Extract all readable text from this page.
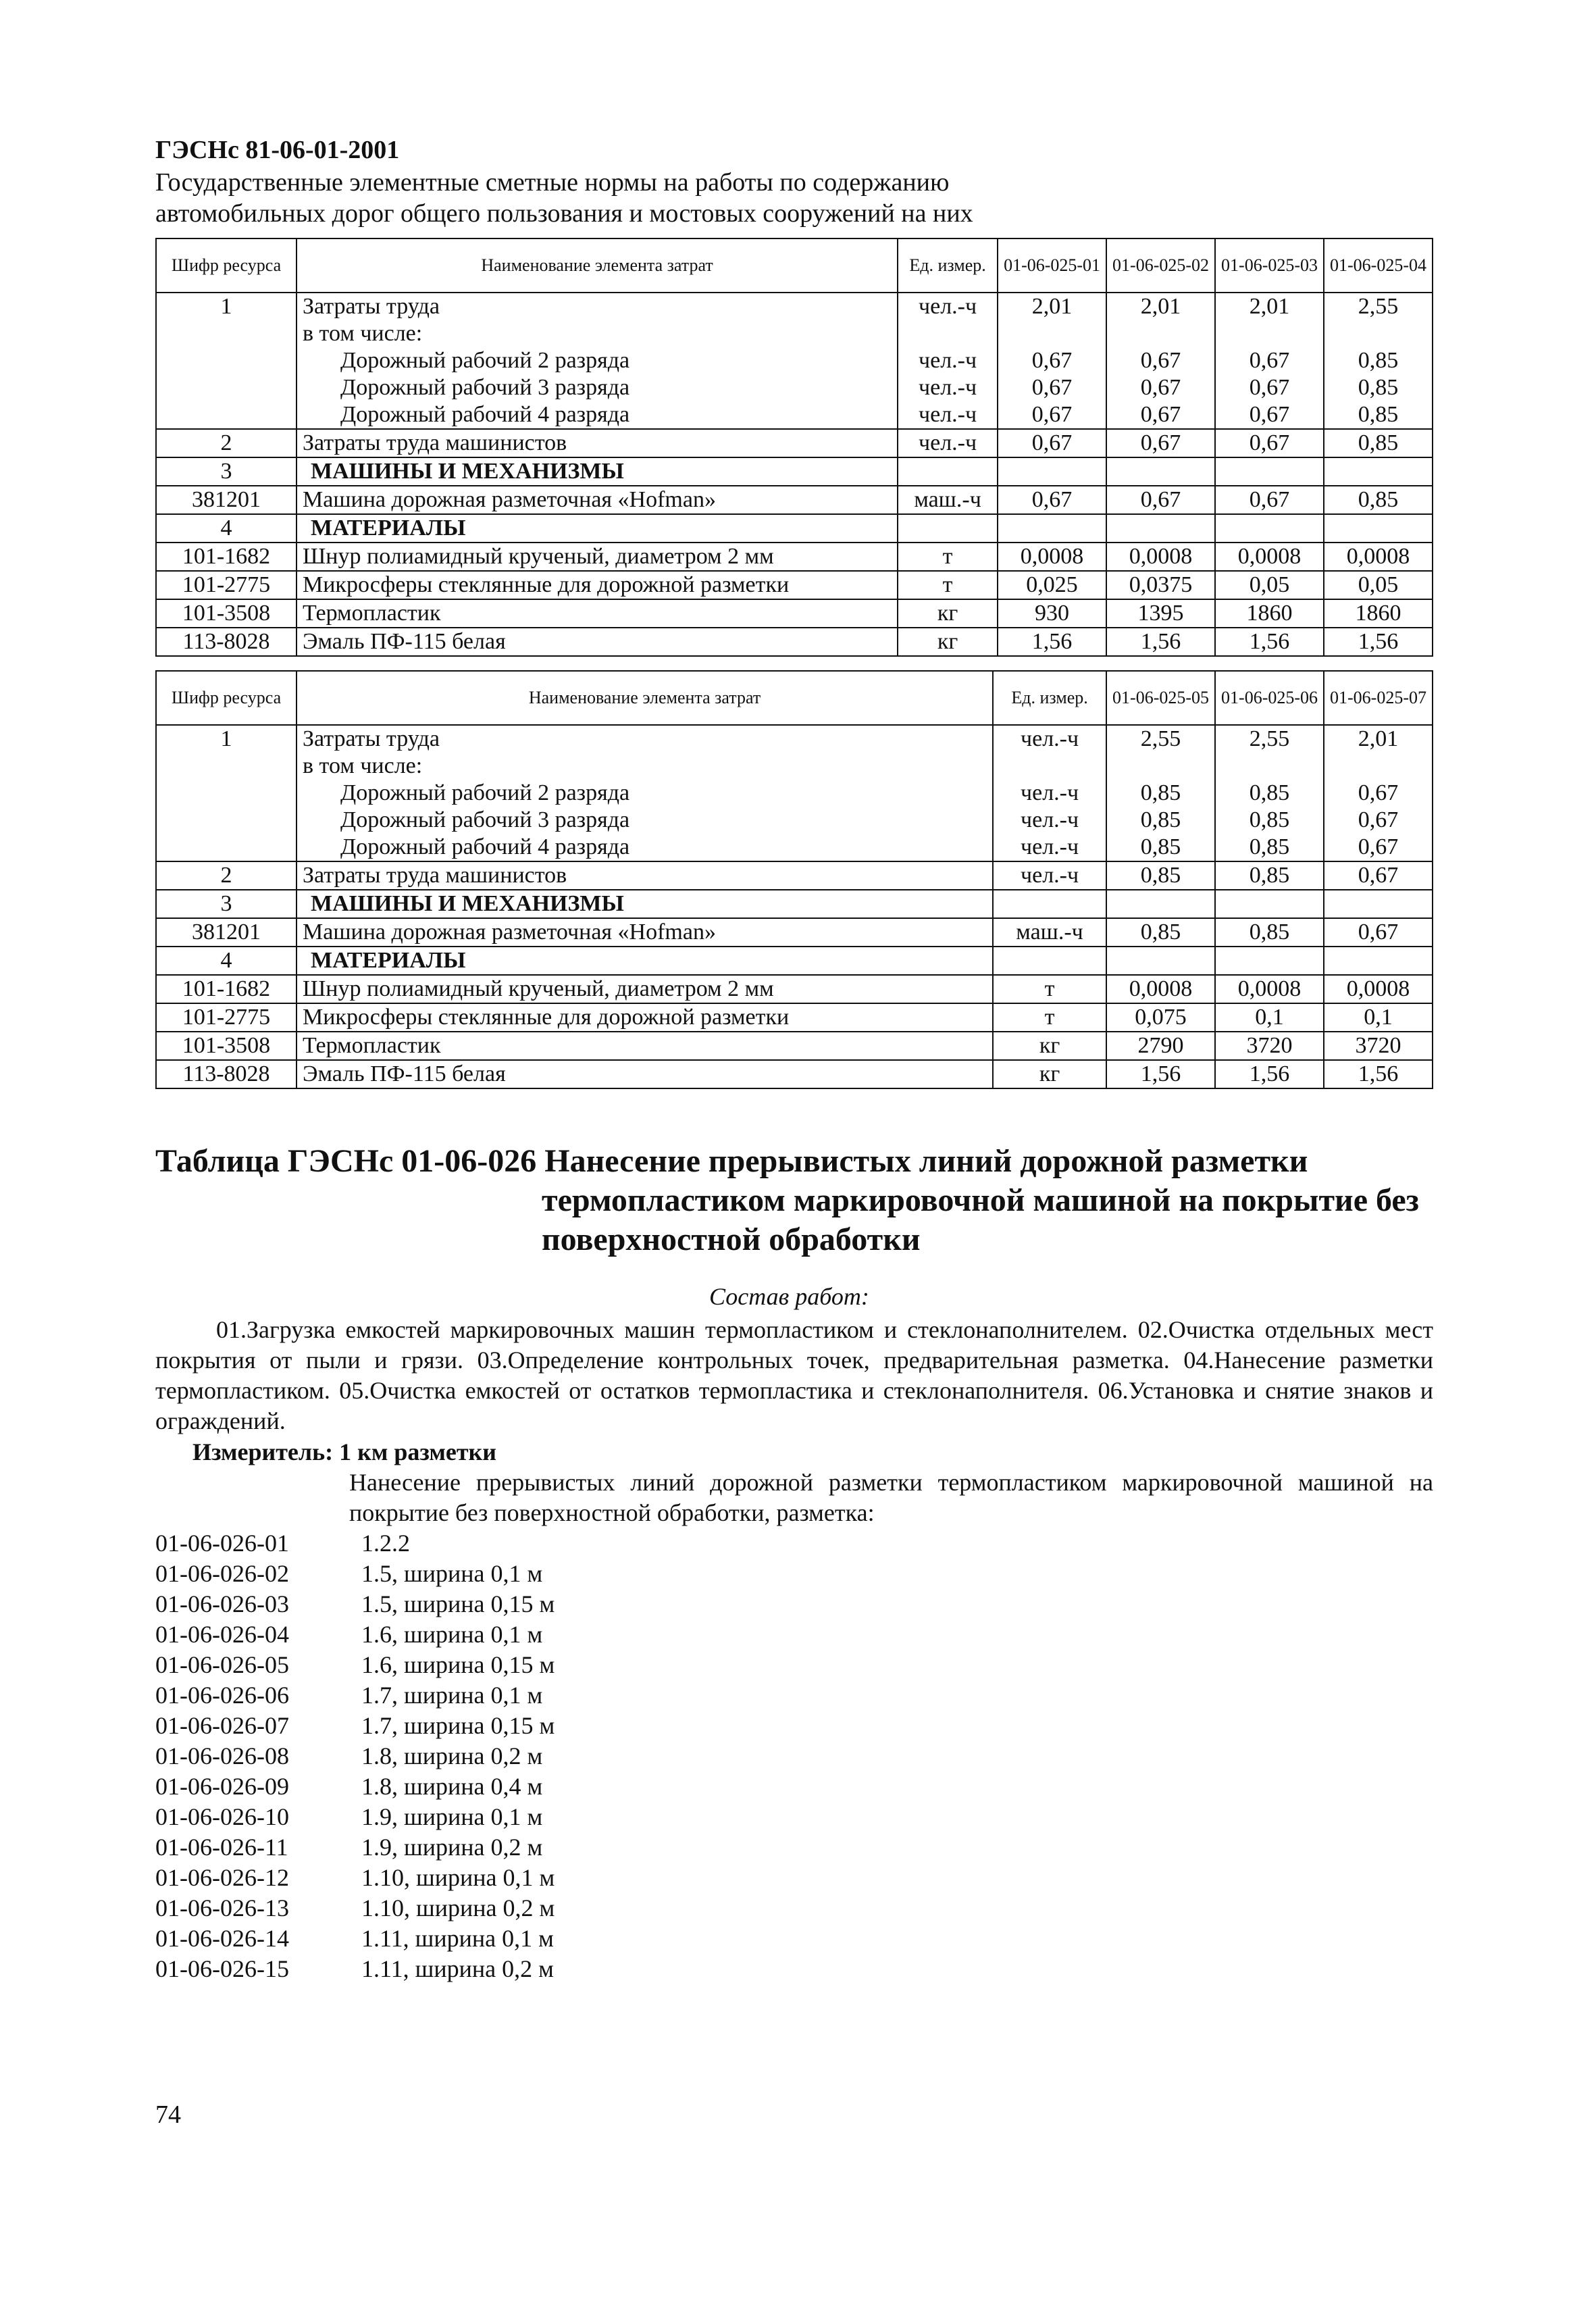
ГЭСНс 81-06-01-2001
Государственные элементные сметные нормы на работы по содержанию
автомобильных дорог общего пользования и мостовых сооружений на них
Шифр ресурса	Наименование элемента затрат	Ед. измер.	01-06-025-01	01-06-025-02	01-06-025-03	01-06-025-04
1	Затраты труда	чел.-ч	2,01	2,01	2,01	2,55
	в том числе:					
	Дорожный рабочий 2 разряда	чел.-ч	0,67	0,67	0,67	0,85
	Дорожный рабочий 3 разряда	чел.-ч	0,67	0,67	0,67	0,85
	Дорожный рабочий 4 разряда	чел.-ч	0,67	0,67	0,67	0,85
2	Затраты труда машинистов	чел.-ч	0,67	0,67	0,67	0,85
3	МАШИНЫ И МЕХАНИЗМЫ					
381201	Машина дорожная разметочная «Hofman»	маш.-ч	0,67	0,67	0,67	0,85
4	МАТЕРИАЛЫ					
101-1682	Шнур полиамидный крученый, диаметром 2 мм	т	0,0008	0,0008	0,0008	0,0008
101-2775	Микросферы стеклянные для дорожной разметки	т	0,025	0,0375	0,05	0,05
101-3508	Термопластик	кг	930	1395	1860	1860
113-8028	Эмаль ПФ-115 белая	кг	1,56	1,56	1,56	1,56
Шифр ресурса	Наименование элемента затрат	Ед. измер.	01-06-025-05	01-06-025-06	01-06-025-07
1	Затраты труда	чел.-ч	2,55	2,55	2,01
	в том числе:				
	Дорожный рабочий 2 разряда	чел.-ч	0,85	0,85	0,67
	Дорожный рабочий 3 разряда	чел.-ч	0,85	0,85	0,67
	Дорожный рабочий 4 разряда	чел.-ч	0,85	0,85	0,67
2	Затраты труда машинистов	чел.-ч	0,85	0,85	0,67
3	МАШИНЫ И МЕХАНИЗМЫ				
381201	Машина дорожная разметочная «Hofman»	маш.-ч	0,85	0,85	0,67
4	МАТЕРИАЛЫ				
101-1682	Шнур полиамидный крученый, диаметром 2 мм	т	0,0008	0,0008	0,0008
101-2775	Микросферы стеклянные для дорожной разметки	т	0,075	0,1	0,1
101-3508	Термопластик	кг	2790	3720	3720
113-8028	Эмаль ПФ-115 белая	кг	1,56	1,56	1,56
Таблица ГЭСНс 01-06-026 Нанесение прерывистых линий дорожной разметки
термопластиком маркировочной машиной на покрытие без
поверхностной обработки
Состав работ:

01.Загрузка емкостей маркировочных машин термопластиком и стеклонаполнителем. 02.Очистка отдельных мест покрытия от пыли и грязи. 03.Определение контрольных точек, предварительная разметка. 04.Нанесение разметки термопластиком. 05.Очистка емкостей от остатков термопластика и стеклонаполнителя. 06.Установка и снятие знаков и ограждений.

Измеритель: 1 км разметки
Нанесение прерывистых линий дорожной разметки термопластиком маркировочной машиной на покрытие без поверхностной обработки, разметка:
01-06-026-01	1.2.2
01-06-026-02	1.5, ширина 0,1 м
01-06-026-03	1.5, ширина 0,15 м
01-06-026-04	1.6, ширина 0,1 м
01-06-026-05	1.6, ширина 0,15 м
01-06-026-06	1.7, ширина 0,1 м
01-06-026-07	1.7, ширина 0,15 м
01-06-026-08	1.8, ширина 0,2 м
01-06-026-09	1.8, ширина 0,4 м
01-06-026-10	1.9, ширина 0,1 м
01-06-026-11	1.9, ширина 0,2 м
01-06-026-12	1.10, ширина 0,1 м
01-06-026-13	1.10, ширина 0,2 м
01-06-026-14	1.11, ширина 0,1 м
01-06-026-15	1.11, ширина 0,2 м
74
